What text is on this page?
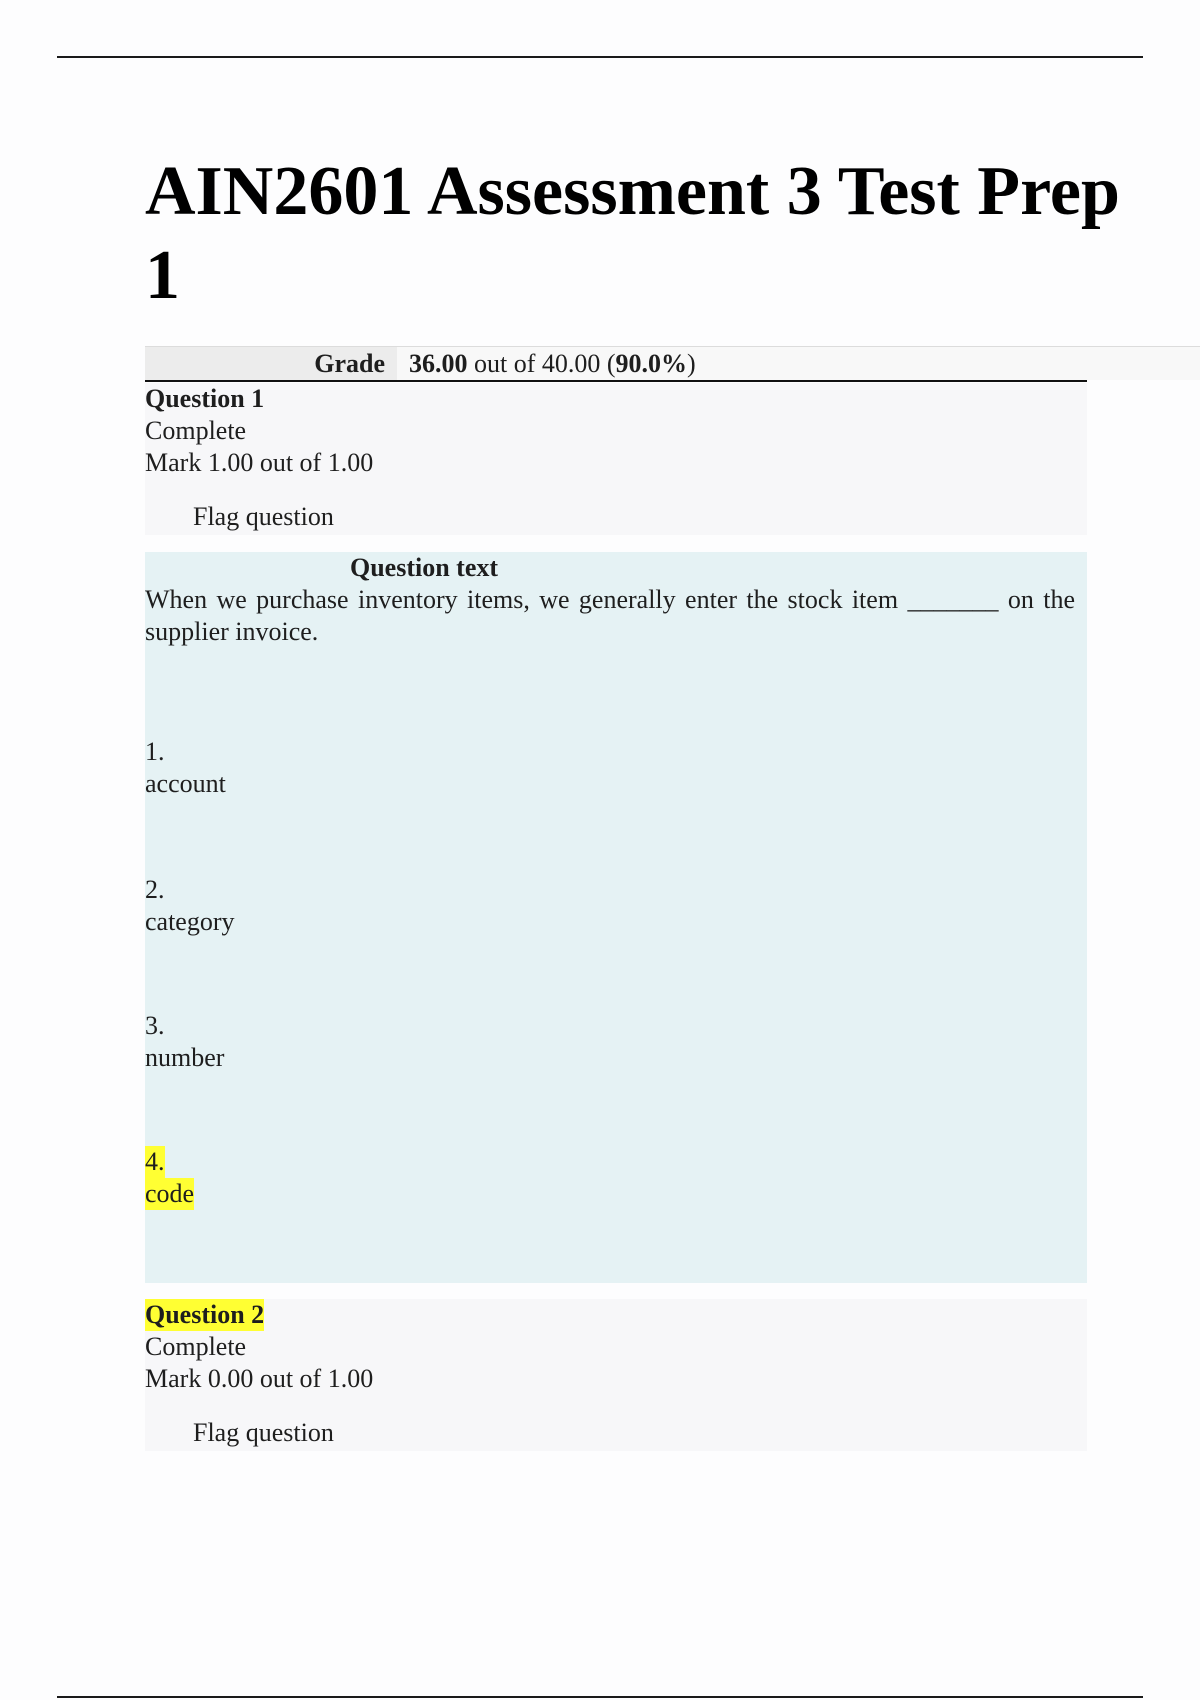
AIN2601 Assessment 3 Test Prep 1
Grade 36.00 out of 40.00 (90.0%)
Question 1
Complete
Mark 1.00 out of 1.00
Flag question
Question text

When we purchase inventory items, we generally enter the stock item _______ on the supplier invoice.

1.
account
2.
category
3.
number
4.
code
Question 2
Complete
Mark 0.00 out of 1.00
Flag question
